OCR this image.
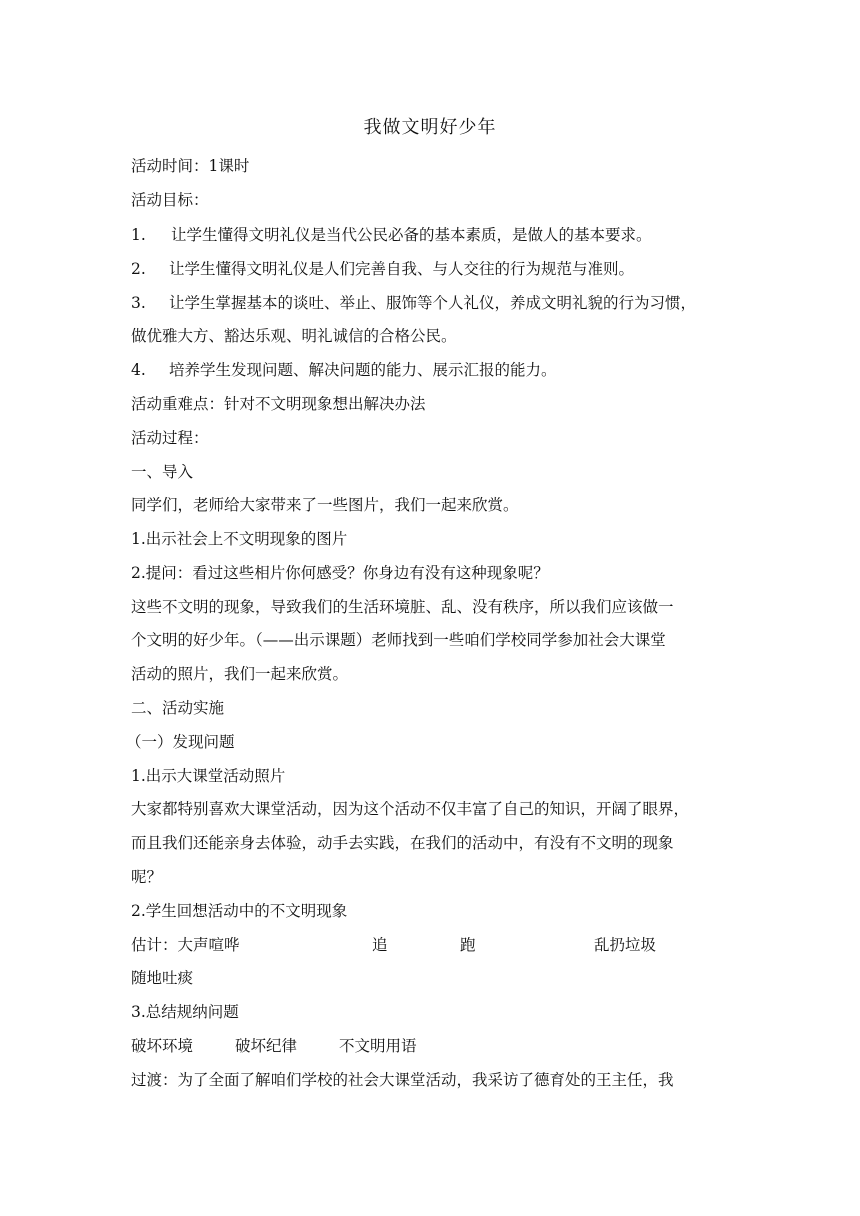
我做文明好少年
活动时间：1课时
活动目标：
1. 让学生懂得文明礼仪是当代公民必备的基本素质，是做人的基本要求。
2. 让学生懂得文明礼仪是人们完善自我、与人交往的行为规范与准则。
3. 让学生掌握基本的谈吐、举止、服饰等个人礼仪，养成文明礼貌的行为习惯，
做优雅大方、豁达乐观、明礼诚信的合格公民。
4. 培养学生发现问题、解决问题的能力、展示汇报的能力。
活动重难点：针对不文明现象想出解决办法
活动过程：
一、导入
同学们，老师给大家带来了一些图片，我们一起来欣赏。
1.出示社会上不文明现象的图片
2.提问：看过这些相片你何感受？你身边有没有这种现象呢？
这些不文明的现象，导致我们的生活环境脏、乱、没有秩序，所以我们应该做一
个文明的好少年。（——出示课题）老师找到一些咱们学校同学参加社会大课堂
活动的照片，我们一起来欣赏。
二、活动实施
（一）发现问题
1.出示大课堂活动照片
大家都特别喜欢大课堂活动，因为这个活动不仅丰富了自己的知识，开阔了眼界，
而且我们还能亲身去体验，动手去实践，在我们的活动中，有没有不文明的现象
呢？
2.学生回想活动中的不文明现象
估计：大声喧哗	追	跑	乱扔垃圾
随地吐痰
3.总结规纳问题
破坏环境	破坏纪律	不文明用语
过渡：为了全面了解咱们学校的社会大课堂活动，我采访了德育处的王主任，我
